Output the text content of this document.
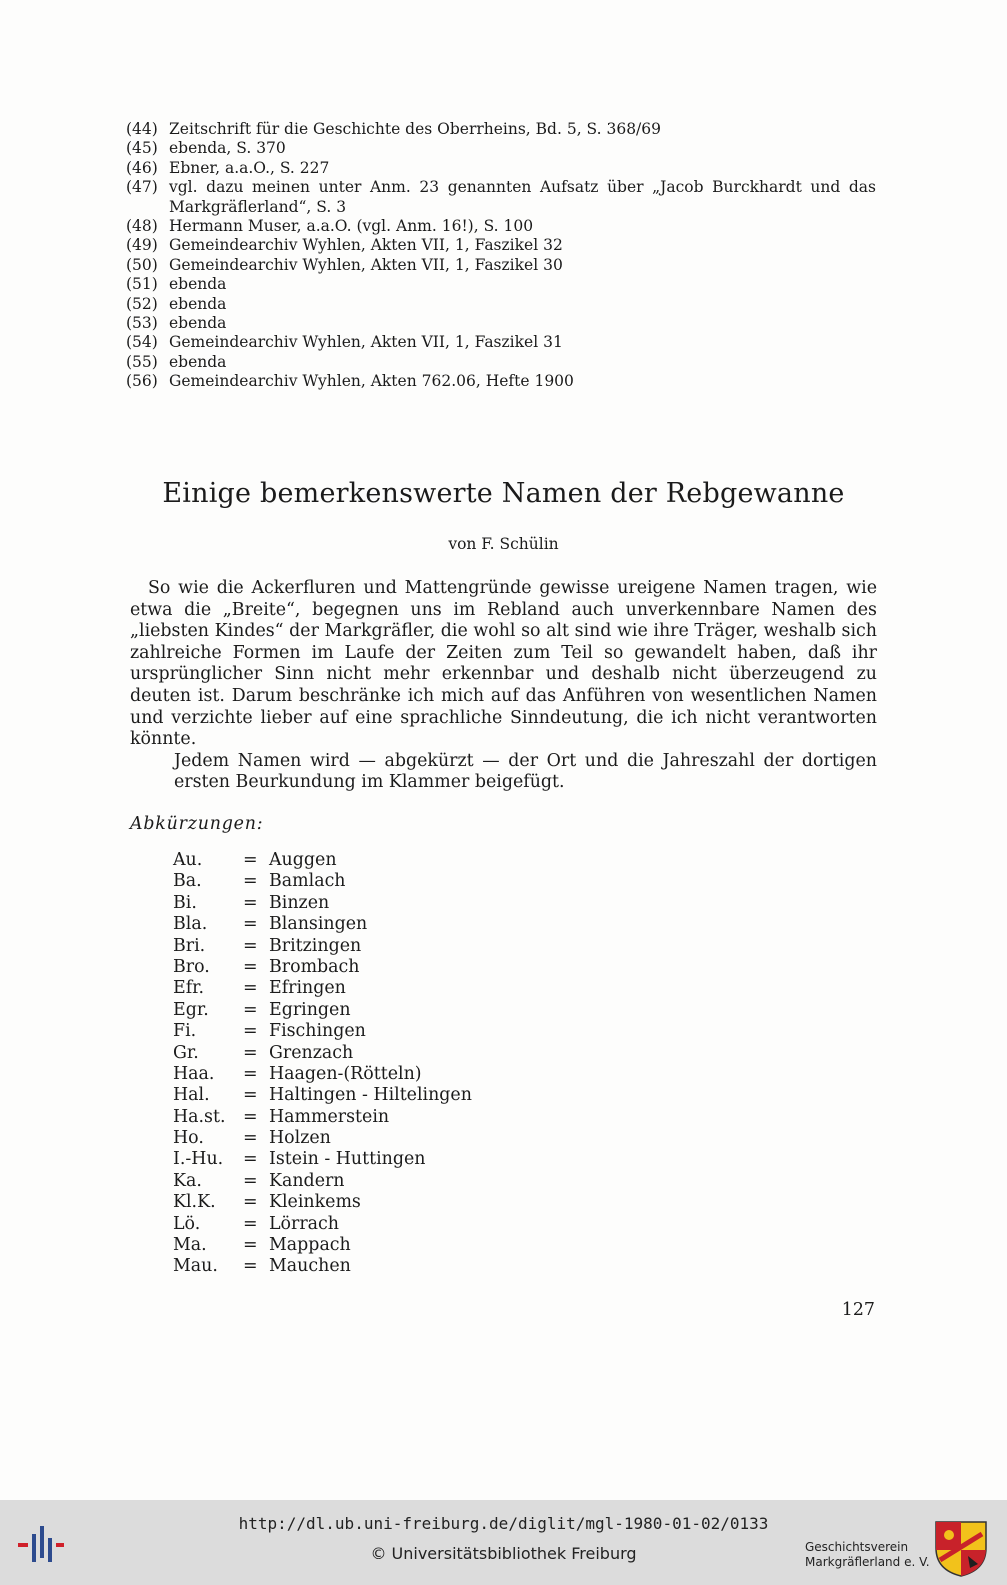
(44) Zeitschrift für die Geschichte des Oberrheins, Bd. 5, S. 368/69
(45) ebenda, S. 370
(46) Ebner, a.a.O., S. 227
(47) vgl. dazu meinen unter Anm. 23 genannten Aufsatz über „Jacob Burckhardt und das Markgräflerland“, S. 3
(48) Hermann Muser, a.a.O. (vgl. Anm. 16!), S. 100
(49) Gemeindearchiv Wyhlen, Akten VII, 1, Faszikel 32
(50) Gemeindearchiv Wyhlen, Akten VII, 1, Faszikel 30
(51) ebenda
(52) ebenda
(53) ebenda
(54) Gemeindearchiv Wyhlen, Akten VII, 1, Faszikel 31
(55) ebenda
(56) Gemeindearchiv Wyhlen, Akten 762.06, Hefte 1900
Einige bemerkenswerte Namen der Rebgewanne
von F. Schülin

So wie die Ackerfluren und Mattengründe gewisse ureigene Namen tragen, wie etwa die „Breite“, begegnen uns im Rebland auch unverkennbare Namen des „liebsten Kindes“ der Markgräfler, die wohl so alt sind wie ihre Träger, weshalb sich zahlreiche Formen im Laufe der Zeiten zum Teil so gewandelt haben, daß ihr ursprünglicher Sinn nicht mehr erkennbar und deshalb nicht überzeugend zu deuten ist. Darum beschränke ich mich auf das Anführen von wesentlichen Namen und verzichte lieber auf eine sprachliche Sinndeutung, die ich nicht verantworten könnte.

Jedem Namen wird — abgekürzt — der Ort und die Jahreszahl der dortigen ersten Beurkundung im Klammer beigefügt.

Abkürzungen:
Au.	= Auggen
Ba.	= Bamlach
Bi.	= Binzen
Bla.	= Blansingen
Bri.	= Britzingen
Bro.	= Brombach
Efr.	= Efringen
Egr.	= Egringen
Fi.	= Fischingen
Gr.	= Grenzach
Haa.	= Haagen-(Rötteln)
Hal.	= Haltingen - Hiltelingen
Ha.st.	= Hammerstein
Ho.	= Holzen
I.-Hu.	= Istein - Huttingen
Ka.	= Kandern
Kl.K.	= Kleinkems
Lö.	= Lörrach
Ma.	= Mappach
Mau.	= Mauchen
127
http://dl.ub.uni-freiburg.de/diglit/mgl-1980-01-02/0133
© Universitätsbibliothek Freiburg	Geschichtsverein
Markgräflerland e. V.
